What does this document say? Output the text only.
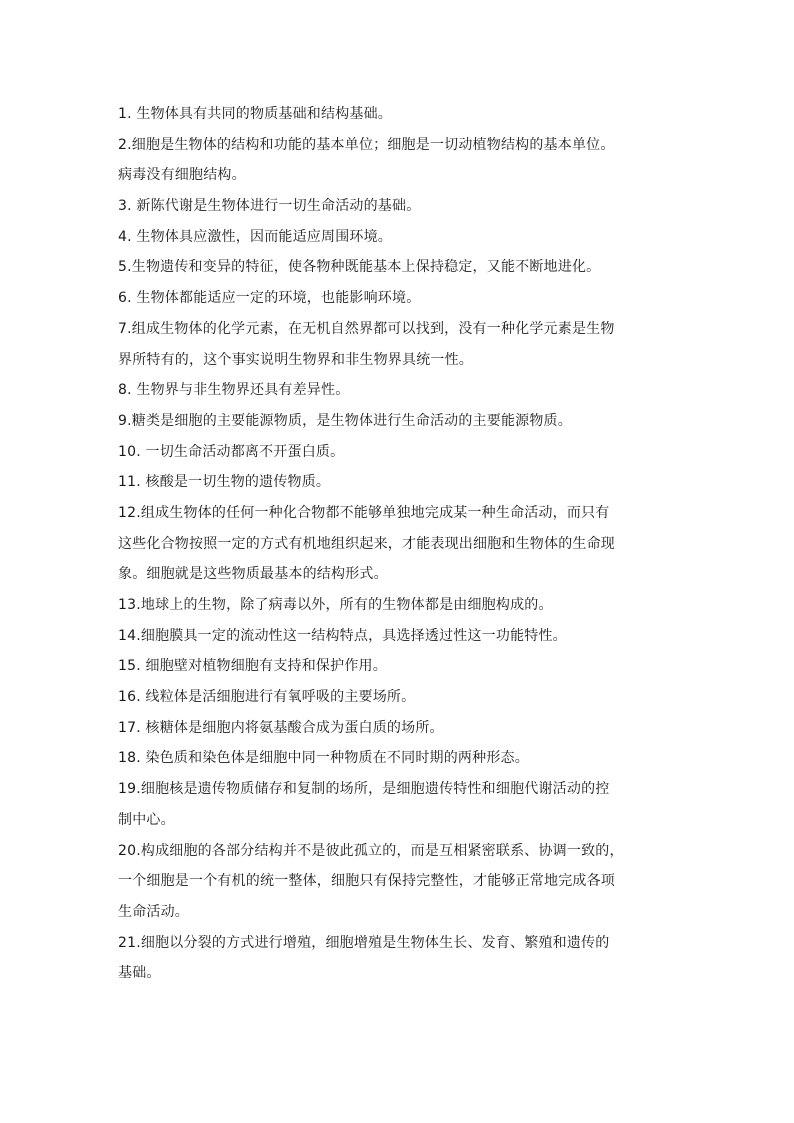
1. 生物体具有共同的物质基础和结构基础。
2.细胞是生物体的结构和功能的基本单位；细胞是一切动植物结构的基本单位。
病毒没有细胞结构。
3. 新陈代谢是生物体进行一切生命活动的基础。
4. 生物体具应激性，因而能适应周围环境。
5.生物遗传和变异的特征，使各物种既能基本上保持稳定，又能不断地进化。
6. 生物体都能适应一定的环境，也能影响环境。
7.组成生物体的化学元素，在无机自然界都可以找到，没有一种化学元素是生物
界所特有的，这个事实说明生物界和非生物界具统一性。
8. 生物界与非生物界还具有差异性。
9.糖类是细胞的主要能源物质，是生物体进行生命活动的主要能源物质。
10. 一切生命活动都离不开蛋白质。
11. 核酸是一切生物的遗传物质。
12.组成生物体的任何一种化合物都不能够单独地完成某一种生命活动，而只有
这些化合物按照一定的方式有机地组织起来，才能表现出细胞和生物体的生命现
象。细胞就是这些物质最基本的结构形式。
13.地球上的生物，除了病毒以外，所有的生物体都是由细胞构成的。
14.细胞膜具一定的流动性这一结构特点，具选择透过性这一功能特性。
15. 细胞壁对植物细胞有支持和保护作用。
16. 线粒体是活细胞进行有氧呼吸的主要场所。
17. 核糖体是细胞内将氨基酸合成为蛋白质的场所。
18. 染色质和染色体是细胞中同一种物质在不同时期的两种形态。
19.细胞核是遗传物质储存和复制的场所，是细胞遗传特性和细胞代谢活动的控
制中心。
20.构成细胞的各部分结构并不是彼此孤立的，而是互相紧密联系、协调一致的，
一个细胞是一个有机的统一整体，细胞只有保持完整性，才能够正常地完成各项
生命活动。
21.细胞以分裂的方式进行增殖，细胞增殖是生物体生长、发育、繁殖和遗传的
基础。
